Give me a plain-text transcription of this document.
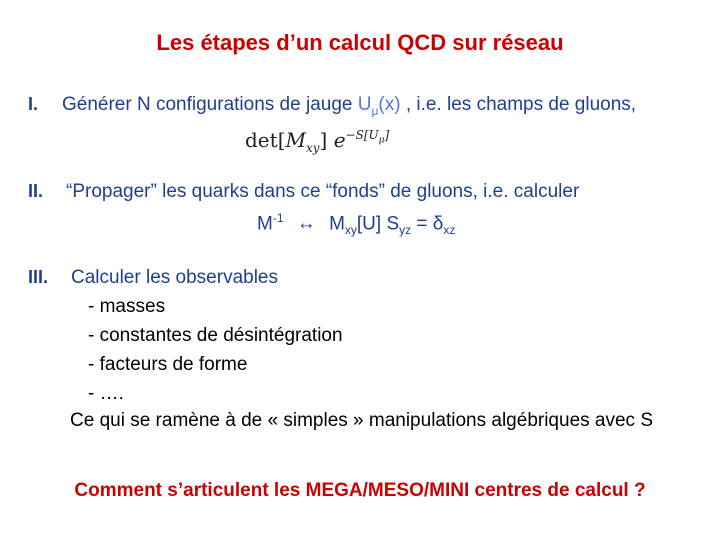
Les étapes d’un calcul QCD sur réseau
I. Générer N configurations de jauge $U_\mu(x)$ , i.e. les champs de gluons,
$\det[M_{xy}]$ $e^{-S[U_\mu]}$
II. “Propager” les quarks dans ce “fonds” de gluons, i.e. calculer
$M^{-1}$ ↔ $M_{xy}[U] S_{yz} = \delta_{xz}$
III. Calculer les observables
- masses
- constantes de désintégration
- facteurs de forme
- ….
Ce qui se ramène à de « simples » manipulations algébriques avec S
Comment s’articulent les MEGA/MESO/MINI centres de calcul ?
